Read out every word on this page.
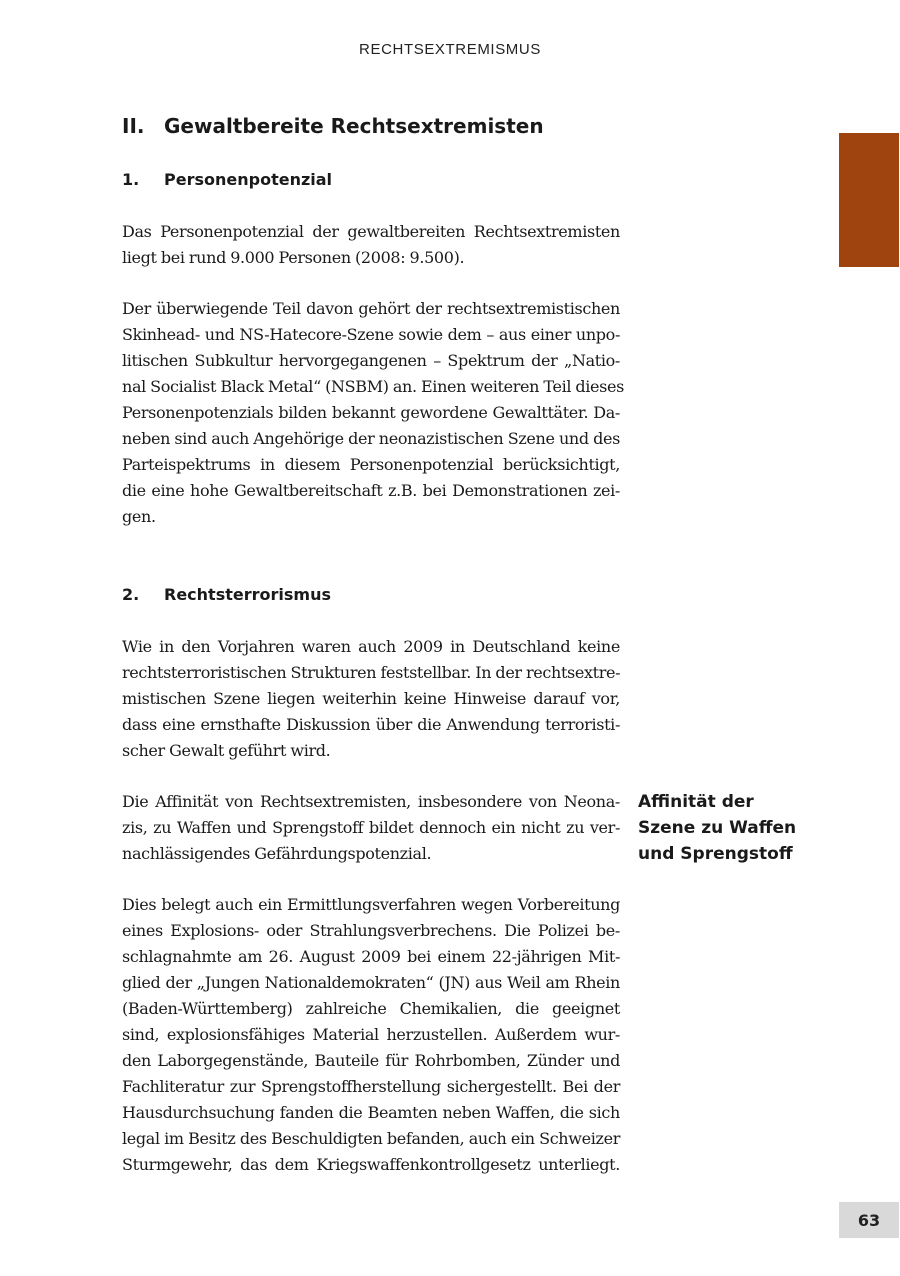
RECHTSEXTREMISMUS
II. Gewaltbereite Rechtsextremisten
1. Personenpotenzial

Das Personenpotenzial der gewaltbereiten Rechtsextremisten
liegt bei rund 9.000 Personen (2008: 9.500).

Der überwiegende Teil davon gehört der rechtsextremistischen
Skinhead- und NS-Hatecore-Szene sowie dem – aus einer unpo-
litischen Subkultur hervorgegangenen – Spektrum der „Natio-
nal Socialist Black Metal“ (NSBM) an. Einen weiteren Teil dieses
Personenpotenzials bilden bekannt gewordene Gewalttäter. Da-
neben sind auch Angehörige der neonazistischen Szene und des
Parteispektrums in diesem Personenpotenzial berücksichtigt,
die eine hohe Gewaltbereitschaft z.B. bei Demonstrationen zei-
gen.

2. Rechtsterrorismus

Wie in den Vorjahren waren auch 2009 in Deutschland keine
rechtsterroristischen Strukturen feststellbar. In der rechtsextre-
mistischen Szene liegen weiterhin keine Hinweise darauf vor,
dass eine ernsthafte Diskussion über die Anwendung terroristi-
scher Gewalt geführt wird.

Die Affinität von Rechtsextremisten, insbesondere von Neona-
zis, zu Waffen und Sprengstoff bildet dennoch ein nicht zu ver-
nachlässigendes Gefährdungspotenzial.

Affinität der
Szene zu Waffen
und Sprengstoff

Dies belegt auch ein Ermittlungsverfahren wegen Vorbereitung
eines Explosions- oder Strahlungsverbrechens. Die Polizei be-
schlagnahmte am 26. August 2009 bei einem 22-jährigen Mit-
glied der „Jungen Nationaldemokraten“ (JN) aus Weil am Rhein
(Baden-Württemberg) zahlreiche Chemikalien, die geeignet
sind, explosionsfähiges Material herzustellen. Außerdem wur-
den Laborgegenstände, Bauteile für Rohrbomben, Zünder und
Fachliteratur zur Sprengstoffherstellung sichergestellt. Bei der
Hausdurchsuchung fanden die Beamten neben Waffen, die sich
legal im Besitz des Beschuldigten befanden, auch ein Schweizer
Sturmgewehr, das dem Kriegswaffenkontrollgesetz unterliegt.

63
